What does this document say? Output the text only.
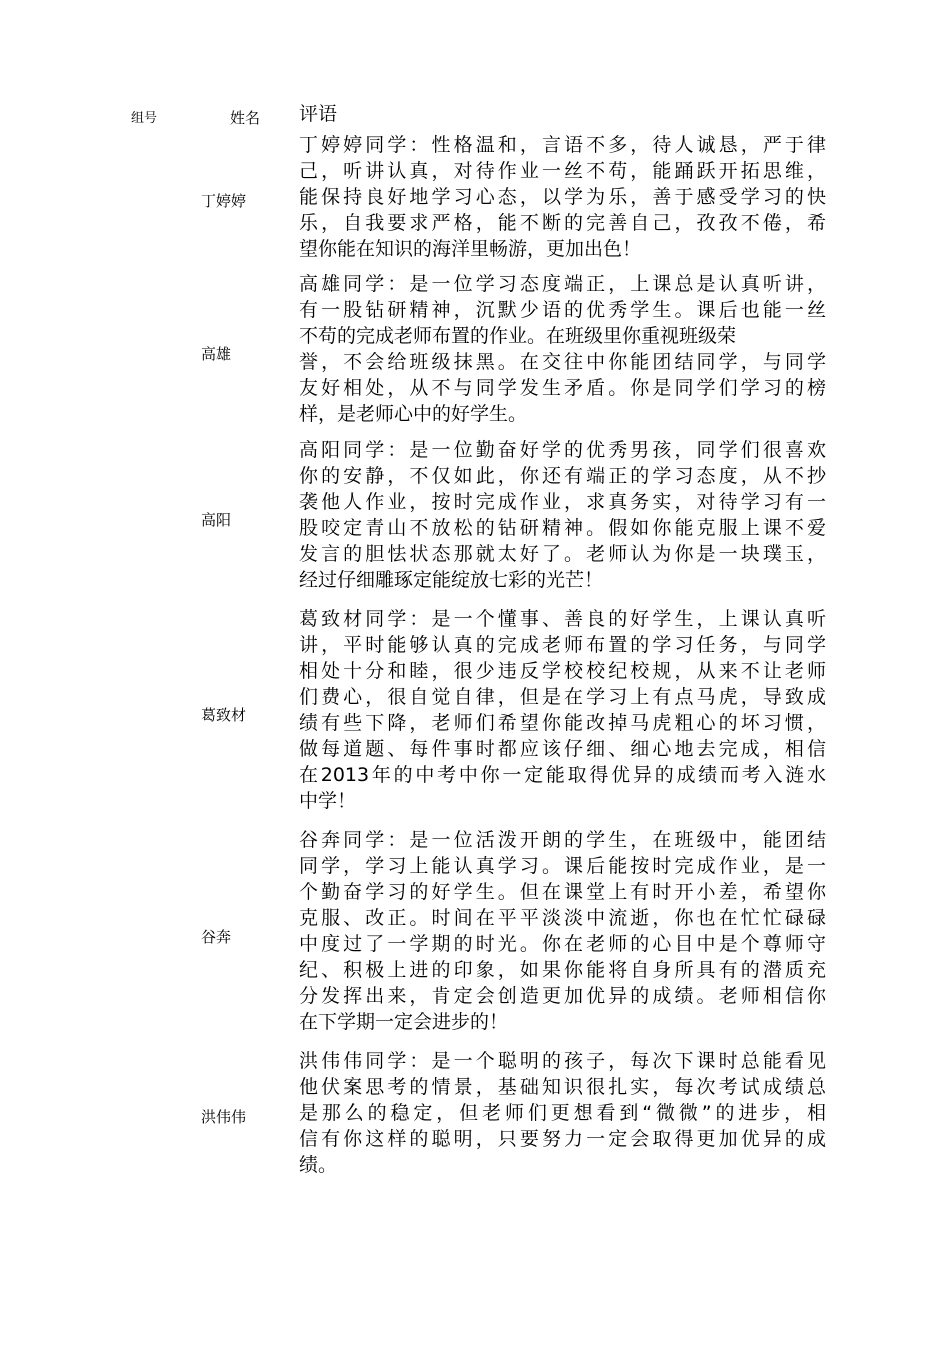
组号	姓名 评语
丁婷婷
丁婷婷同学：性格温和，言语不多，待人诚恳，严于律
己，听讲认真，对待作业一丝不苟，能踊跃开拓思维，
能保持良好地学习心态，以学为乐，善于感受学习的快
乐，自我要求严格，能不断的完善自己，孜孜不倦，希
望你能在知识的海洋里畅游，更加出色！
高雄
高雄同学：是一位学习态度端正，上课总是认真听讲，
有一股钻研精神，沉默少语的优秀学生。课后也能一丝
不苟的完成老师布置的作业。在班级里你重视班级荣
誉，不会给班级抹黑。在交往中你能团结同学，与同学
友好相处，从不与同学发生矛盾。你是同学们学习的榜
样，是老师心中的好学生。
高阳
高阳同学：是一位勤奋好学的优秀男孩，同学们很喜欢
你的安静，不仅如此，你还有端正的学习态度，从不抄
袭他人作业，按时完成作业，求真务实，对待学习有一
股咬定青山不放松的钻研精神。假如你能克服上课不爱
发言的胆怯状态那就太好了。老师认为你是一块璞玉，
经过仔细雕琢定能绽放七彩的光芒！
葛致材
葛致材同学：是一个懂事、善良的好学生，上课认真听
讲，平时能够认真的完成老师布置的学习任务，与同学
相处十分和睦，很少违反学校校纪校规，从来不让老师
们费心，很自觉自律，但是在学习上有点马虎，导致成
绩有些下降，老师们希望你能改掉马虎粗心的坏习惯，
做每道题、每件事时都应该仔细、细心地去完成，相信
在2013年的中考中你一定能取得优异的成绩而考入涟水
中学！
谷奔
谷奔同学：是一位活泼开朗的学生，在班级中，能团结
同学，学习上能认真学习。课后能按时完成作业，是一
个勤奋学习的好学生。但在课堂上有时开小差，希望你
克服、改正。时间在平平淡淡中流逝，你也在忙忙碌碌
中度过了一学期的时光。你在老师的心目中是个尊师守
纪、积极上进的印象，如果你能将自身所具有的潜质充
分发挥出来，肯定会创造更加优异的成绩。老师相信你
在下学期一定会进步的！
洪伟伟
洪伟伟同学：是一个聪明的孩子，每次下课时总能看见
他伏案思考的情景，基础知识很扎实，每次考试成绩总
是那么的稳定，但老师们更想看到“微微”的进步，相
信有你这样的聪明，只要努力一定会取得更加优异的成
绩。
